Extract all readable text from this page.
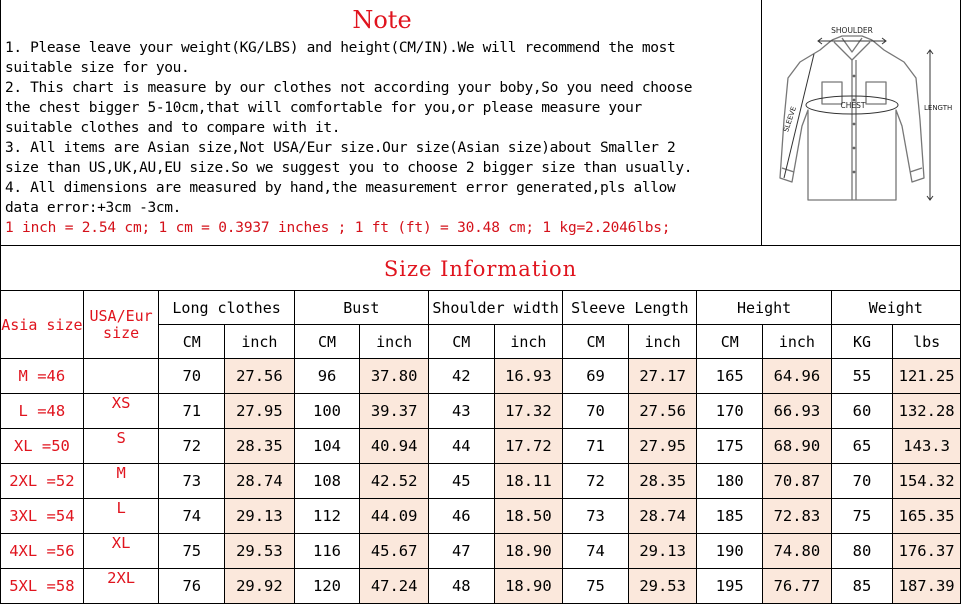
Note
1. Please leave your weight(KG/LBS) and height(CM/IN).We will recommend the most
suitable size for you.
2. This chart is measure by our clothes not according your boby,So you need choose
the chest bigger 5-10cm,that will comfortable for you,or please measure your
suitable clothes and to compare with it.
3. All items are Asian size,Not USA/Eur size.Our size(Asian size)about Smaller 2
size than US,UK,AU,EU size.So we suggest you to choose 2 bigger size than usually.
4. All dimensions are measured by hand,the measurement error generated,pls allow
data error:+3cm -3cm.
1 inch = 2.54 cm; 1 cm = 0.3937 inches ; 1 ft (ft) = 30.48 cm; 1 kg=2.2046lbs;
SHOULDER
CHEST	LENGTH
SLEEVE
Size Information
Asia size	USA/Eur size	Long clothes		Bust		Shoulder width		Sleeve Length		Height		Weight	
		CM	inch	CM	inch	CM	inch	CM	inch	CM	inch	KG	lbs
M =46		70	27.56	96	37.80	42	16.93	69	27.17	165	64.96	55	121.25
L =48	XS	71	27.95	100	39.37	43	17.32	70	27.56	170	66.93	60	132.28
XL =50	S	72	28.35	104	40.94	44	17.72	71	27.95	175	68.90	65	143.3
2XL =52	M	73	28.74	108	42.52	45	18.11	72	28.35	180	70.87	70	154.32
3XL =54	L	74	29.13	112	44.09	46	18.50	73	28.74	185	72.83	75	165.35
4XL =56	XL	75	29.53	116	45.67	47	18.90	74	29.13	190	74.80	80	176.37
5XL =58	2XL	76	29.92	120	47.24	48	18.90	75	29.53	195	76.77	85	187.39
